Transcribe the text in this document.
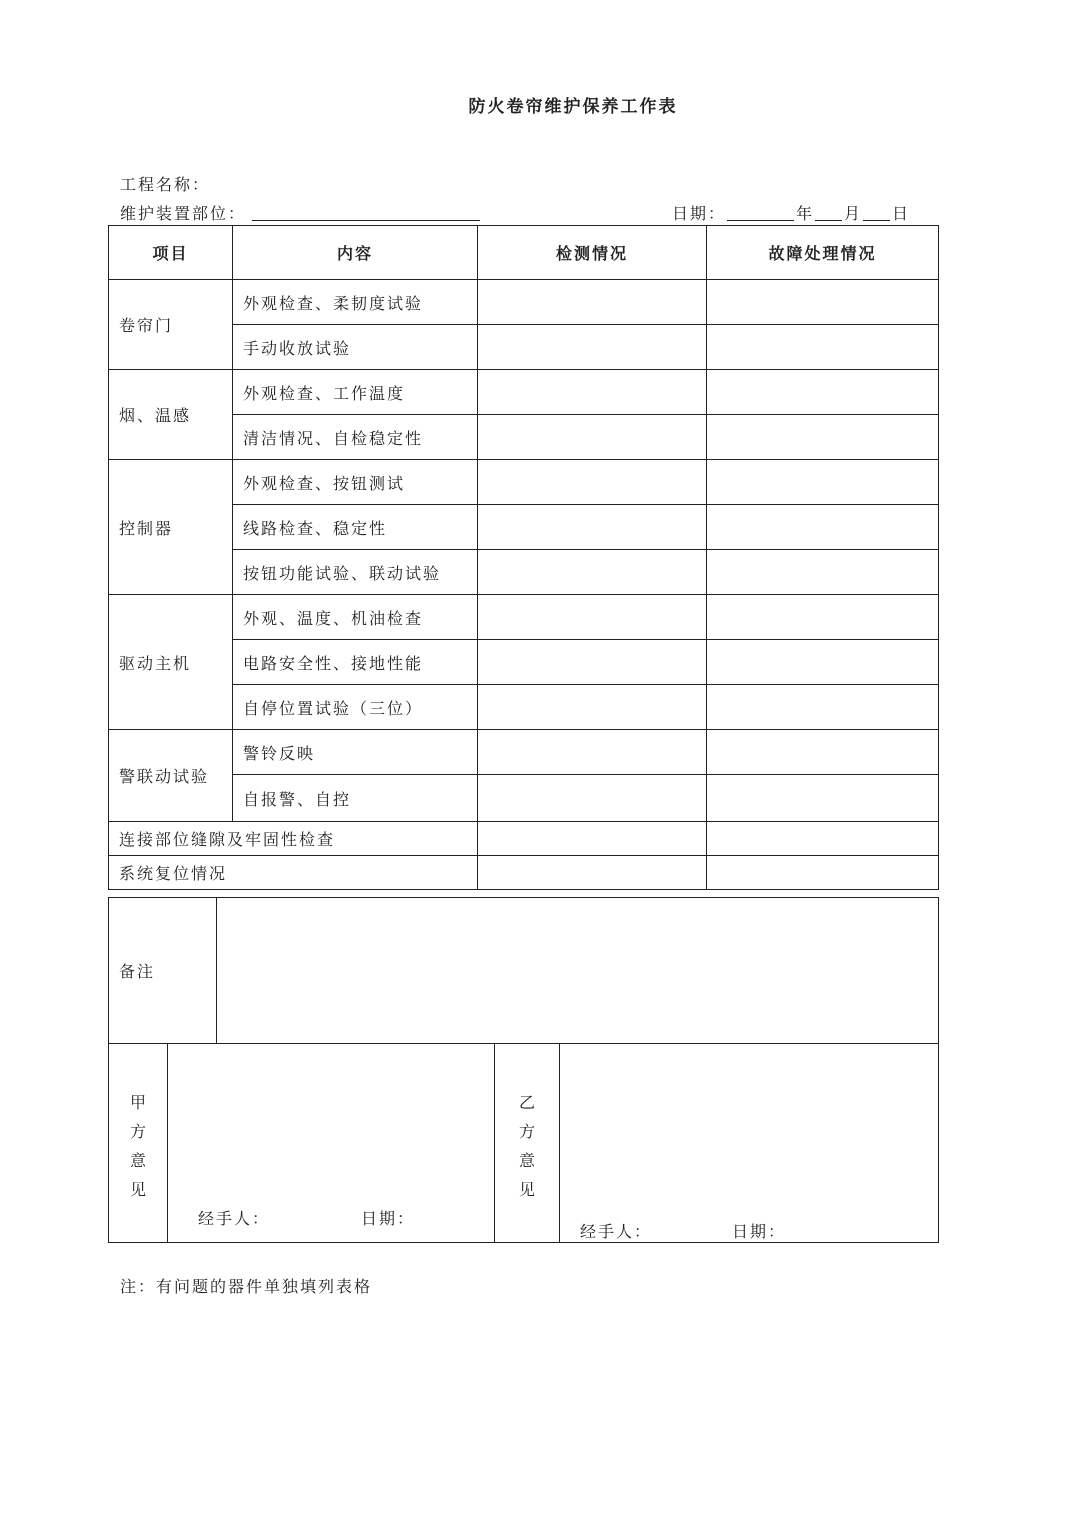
防火卷帘维护保养工作表
工程名称：
维护装置部位：	日期：	年 月 日
项目	内容	检测情况	故障处理情况
卷帘门	外观检查、柔韧度试验		
	手动收放试验		
烟、温感	外观检查、工作温度		
	清洁情况、自检稳定性		
控制器	外观检查、按钮测试		
	线路检查、稳定性		
	按钮功能试验、联动试验		
驱动主机	外观、温度、机油检查		
	电路安全性、接地性能		
	自停位置试验（三位）		
警联动试验	警铃反映		
	自报警、自控		
连接部位缝隙及牢固性检查			
系统复位情况			
备注	
甲
方
意
见

经手人：	日期：

乙
方
意
见

经手人：	日期：
注：有问题的器件单独填列表格
